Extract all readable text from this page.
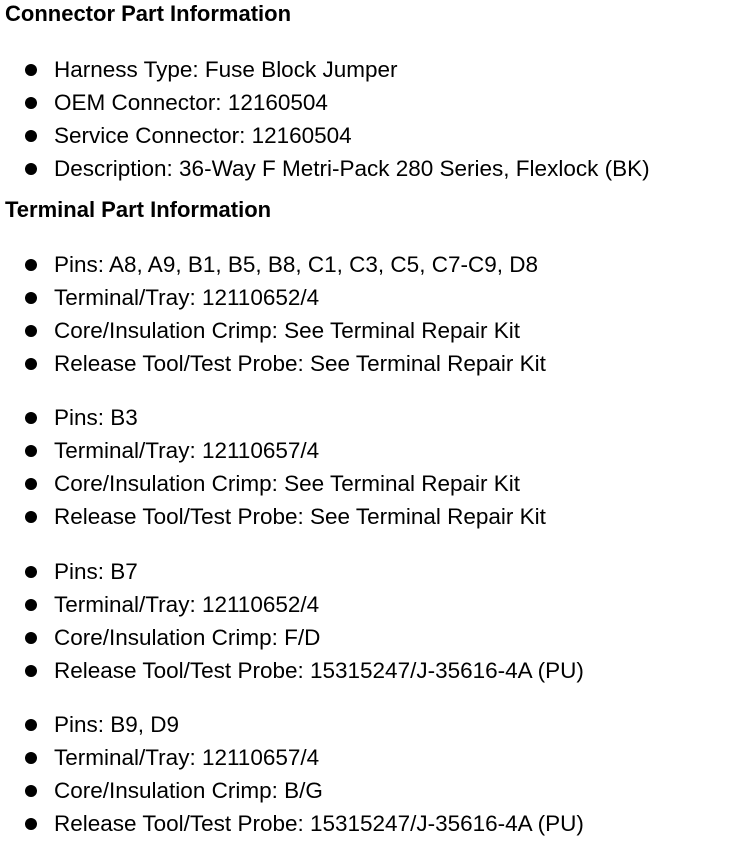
Connector Part Information
Harness Type: Fuse Block Jumper
OEM Connector: 12160504
Service Connector: 12160504
Description: 36-Way F Metri-Pack 280 Series, Flexlock (BK)
Terminal Part Information
Pins: A8, A9, B1, B5, B8, C1, C3, C5, C7-C9, D8
Terminal/Tray: 12110652/4
Core/Insulation Crimp: See Terminal Repair Kit
Release Tool/Test Probe: See Terminal Repair Kit
Pins: B3
Terminal/Tray: 12110657/4
Core/Insulation Crimp: See Terminal Repair Kit
Release Tool/Test Probe: See Terminal Repair Kit
Pins: B7
Terminal/Tray: 12110652/4
Core/Insulation Crimp: F/D
Release Tool/Test Probe: 15315247/J-35616-4A (PU)
Pins: B9, D9
Terminal/Tray: 12110657/4
Core/Insulation Crimp: B/G
Release Tool/Test Probe: 15315247/J-35616-4A (PU)
